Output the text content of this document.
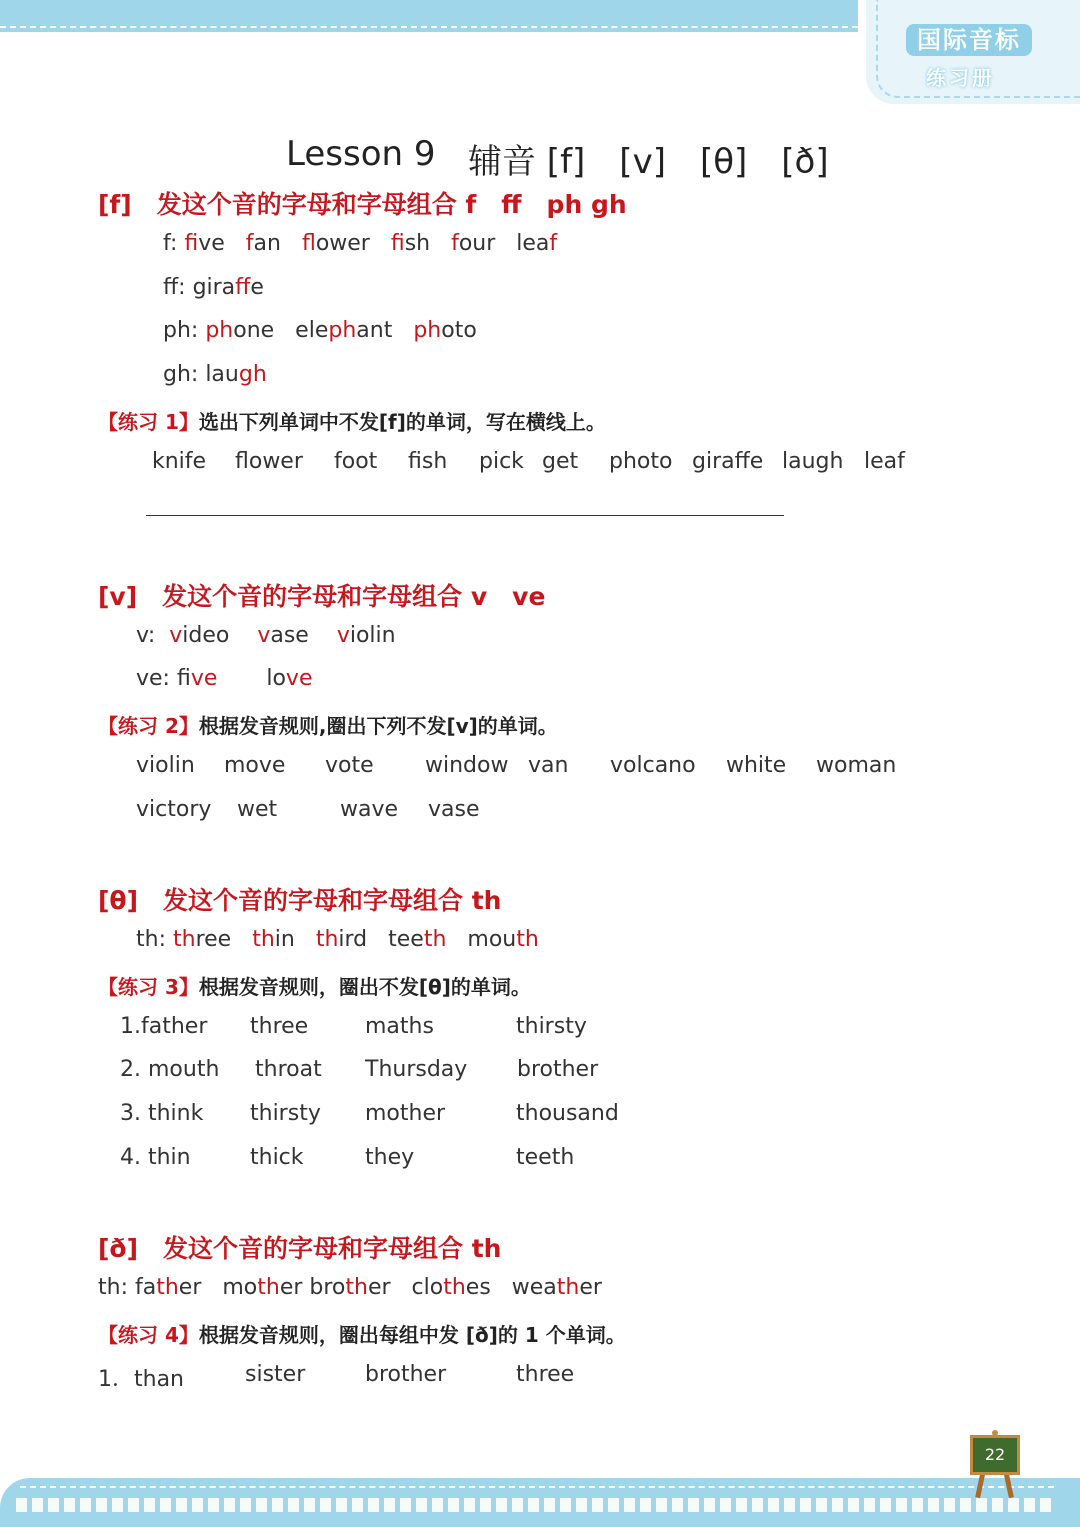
国际音标
练习册
Lesson 9 辅音 [f]　[v]　[θ]　[ð]
[f]　发这个音的字母和字母组合 f　ff　ph gh
f: five fan flower fish four   leaf
ff: giraffe
ph: phone   elephant photo
gh: laugh
【练习 1】选出下列单词中不发[f]的单词，写在横线上。
knife flower foot fish pick get photo giraffe laugh leaf
[v]　发这个音的字母和字母组合 v　ve
v:  video vase violin
ve: five       love
【练习 2】根据发音规则,圈出下列不发[v]的单词。
violin move vote window van volcano white woman
victory wet	wave vase
[θ]　发这个音的字母和字母组合 th
th: three thin third   teeth   mouth
【练习 3】根据发音规则，圈出不发[θ]的单词。
1.father three	maths	thirsty
2. mouth throat Thursday brother
3. think thirsty mother	thousand
4. thin	thick	they	teeth
[ð]　发这个音的字母和字母组合 th
th: father   mother brother   clothes   weather
【练习 4】根据发音规则，圈出每组中发 [ð]的 1 个单词。
1．than	sister	brother	three
22
